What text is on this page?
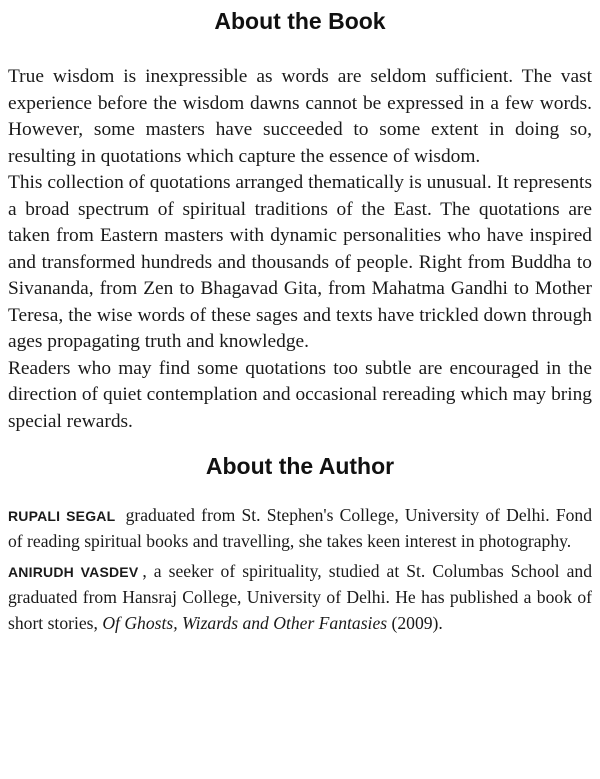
About the Book

True wisdom is inexpressible as words are seldom sufficient. The vast experience before the wisdom dawns cannot be expressed in a few words. However, some masters have succeeded to some extent in doing so, resulting in quotations which capture the essence of wisdom.

This collection of quotations arranged thematically is unusual. It represents a broad spectrum of spiritual traditions of the East. The quotations are taken from Eastern masters with dynamic personalities who have inspired and transformed hundreds and thousands of people. Right from Buddha to Sivananda, from Zen to Bhagavad Gita, from Mahatma Gandhi to Mother Teresa, the wise words of these sages and texts have trickled down through ages propagating truth and knowledge.

Readers who may find some quotations too subtle are encouraged in the direction of quiet contemplation and occasional rereading which may bring special rewards.

About the Author

RUPALI SEGAL graduated from St. Stephen's College, University of Delhi. Fond of reading spiritual books and travelling, she takes keen interest in photography.

ANIRUDH VASDEV , a seeker of spirituality, studied at St. Columbas School and graduated from Hansraj College, University of Delhi. He has published a book of short stories, Of Ghosts, Wizards and Other Fantasies (2009).
